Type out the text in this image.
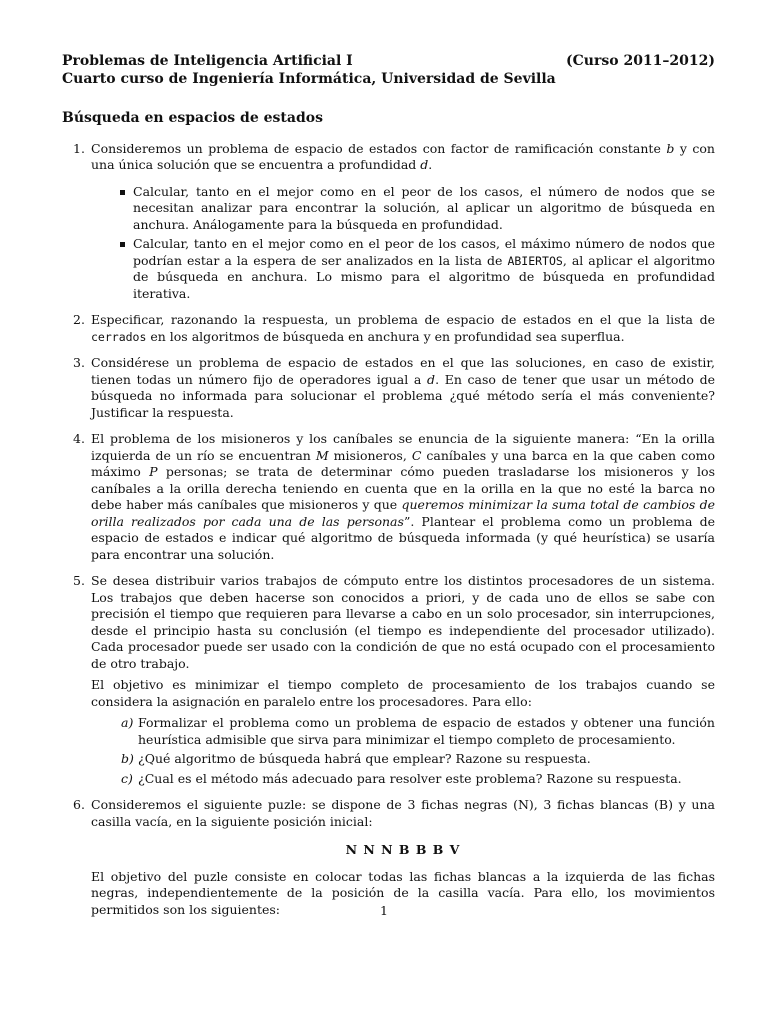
Problemas de Inteligencia Artificial I	(Curso 2011–2012)
Cuarto curso de Ingeniería Informática, Universidad de Sevilla
Búsqueda en espacios de estados
1. Consideremos un problema de espacio de estados con factor de ramificación constante b y con una única solución que se encuentra a profundidad d.
Calcular, tanto en el mejor como en el peor de los casos, el número de nodos que se necesitan analizar para encontrar la solución, al aplicar un algoritmo de búsqueda en anchura. Análogamente para la búsqueda en profundidad.
Calcular, tanto en el mejor como en el peor de los casos, el máximo número de nodos que podrían estar a la espera de ser analizados en la lista de ABIERTOS, al aplicar el algoritmo de búsqueda en anchura. Lo mismo para el algoritmo de búsqueda en profundidad iterativa.
2. Especificar, razonando la respuesta, un problema de espacio de estados en el que la lista de cerrados en los algoritmos de búsqueda en anchura y en profundidad sea superflua.
3. Considérese un problema de espacio de estados en el que las soluciones, en caso de existir, tienen todas un número fijo de operadores igual a d. En caso de tener que usar un método de búsqueda no informada para solucionar el problema ¿qué método sería el más conveniente? Justificar la respuesta.
4. El problema de los misioneros y los caníbales se enuncia de la siguiente manera: “En la orilla izquierda de un río se encuentran M misioneros, C caníbales y una barca en la que caben como máximo P personas; se trata de determinar cómo pueden trasladarse los misioneros y los caníbales a la orilla derecha teniendo en cuenta que en la orilla en la que no esté la barca no debe haber más caníbales que misioneros y que queremos minimizar la suma total de cambios de orilla realizados por cada una de las personas”. Plantear el problema como un problema de espacio de estados e indicar qué algoritmo de búsqueda informada (y qué heurística) se usaría para encontrar una solución.
5. Se desea distribuir varios trabajos de cómputo entre los distintos procesadores de un sistema. Los trabajos que deben hacerse son conocidos a priori, y de cada uno de ellos se sabe con precisión el tiempo que requieren para llevarse a cabo en un solo procesador, sin interrupciones, desde el principio hasta su conclusión (el tiempo es independiente del procesador utilizado). Cada procesador puede ser usado con la condición de que no está ocupado con el procesamiento de otro trabajo.

El objetivo es minimizar el tiempo completo de procesamiento de los trabajos cuando se considera la asignación en paralelo entre los procesadores. Para ello:

a) Formalizar el problema como un problema de espacio de estados y obtener una función heurística admisible que sirva para minimizar el tiempo completo de procesamiento.
b) ¿Qué algoritmo de búsqueda habrá que emplear? Razone su respuesta.
c) ¿Cual es el método más adecuado para resolver este problema? Razone su respuesta.
6. Consideremos el siguiente puzle: se dispone de 3 fichas negras (N), 3 fichas blancas (B) y una casilla vacía, en la siguiente posición inicial:

N N N B B B V

El objetivo del puzle consiste en colocar todas las fichas blancas a la izquierda de las fichas negras, independientemente de la posición de la casilla vacía. Para ello, los movimientos permitidos son los siguientes:	1
